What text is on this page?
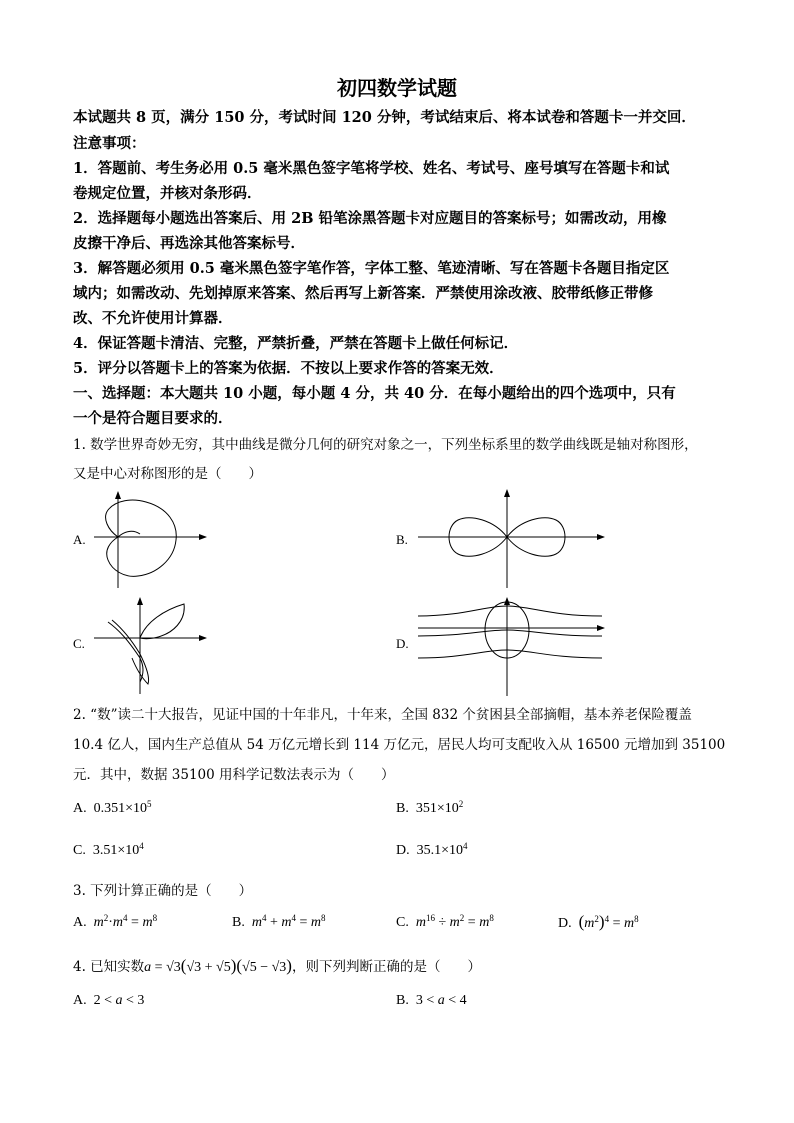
初四数学试题
本试题共 8 页，满分 150 分，考试时间 120 分钟，考试结束后、将本试卷和答题卡一并交回．
注意事项：
1．答题前、考生务必用 0.5 毫米黑色签字笔将学校、姓名、考试号、座号填写在答题卡和试
卷规定位置，并核对条形码．
2．选择题每小题选出答案后、用 2B 铅笔涂黑答题卡对应题目的答案标号；如需改动，用橡
皮擦干净后、再选涂其他答案标号．
3．解答题必须用 0.5 毫米黑色签字笔作答，字体工整、笔迹清晰、写在答题卡各题目指定区
域内；如需改动、先划掉原来答案、然后再写上新答案．严禁使用涂改液、胶带纸修正带修
改、不允许使用计算器．
4．保证答题卡清洁、完整，严禁折叠，严禁在答题卡上做任何标记．
5．评分以答题卡上的答案为依据．不按以上要求作答的答案无效．
一、选择题：本大题共 10 小题，每小题 4 分，共 40 分．在每小题给出的四个选项中，只有
一个是符合题目要求的．
1. 数学世界奇妙无穷，其中曲线是微分几何的研究对象之一，下列坐标系里的数学曲线既是轴对称图形，
又是中心对称图形的是（　　）
A.	B.
C.	D.
2. “数”读二十大报告，见证中国的十年非凡，十年来，全国 832 个贫困县全部摘帽，基本养老保险覆盖
10.4 亿人，国内生产总值从 54 万亿元增长到 114 万亿元，居民人均可支配收入从 16500 元增加到 35100
元．其中，数据 35100 用科学记数法表示为（　　）
A. $0.351\times 10^5$	B. $351\times 10^2$
C. $3.51\times 10^4$	D. $35.1\times 10^4$
3. 下列计算正确的是（　　）
A. $m^2\cdot m^4 = m^8$	B. $m^4 + m^4 = m^8$	C. $m^{16} \div m^2 = m^8$	D. $(m^2)^4 = m^8$
4. 已知实数a = √3(√3 + √5)(√5 − √3)，则下列判断正确的是（　　）
A.  2 < a < 3	B.  3 < a < 4
